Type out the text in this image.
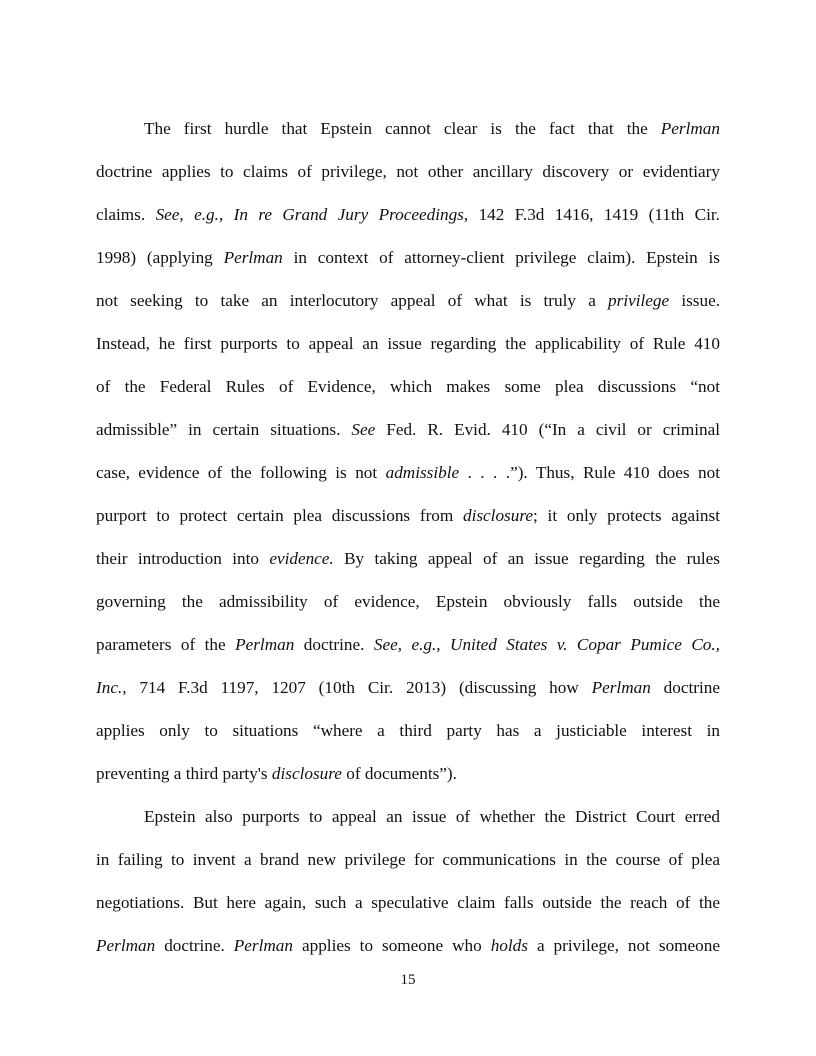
The first hurdle that Epstein cannot clear is the fact that the Perlman
doctrine applies to claims of privilege, not other ancillary discovery or evidentiary
claims. See, e.g., In re Grand Jury Proceedings, 142 F.3d 1416, 1419 (11th Cir.
1998) (applying Perlman in context of attorney-client privilege claim). Epstein is
not seeking to take an interlocutory appeal of what is truly a privilege issue.
Instead, he first purports to appeal an issue regarding the applicability of Rule 410
of the Federal Rules of Evidence, which makes some plea discussions “not
admissible” in certain situations. See Fed. R. Evid. 410 (“In a civil or criminal
case, evidence of the following is not admissible . . . .”). Thus, Rule 410 does not
purport to protect certain plea discussions from disclosure; it only protects against
their introduction into evidence. By taking appeal of an issue regarding the rules
governing the admissibility of evidence, Epstein obviously falls outside the
parameters of the Perlman doctrine. See, e.g., United States v. Copar Pumice Co.,
Inc., 714 F.3d 1197, 1207 (10th Cir. 2013) (discussing how Perlman doctrine
applies only to situations “where a third party has a justiciable interest in
preventing a third party's disclosure of documents”).
Epstein also purports to appeal an issue of whether the District Court erred
in failing to invent a brand new privilege for communications in the course of plea
negotiations. But here again, such a speculative claim falls outside the reach of the
Perlman doctrine. Perlman applies to someone who holds a privilege, not someone
15
